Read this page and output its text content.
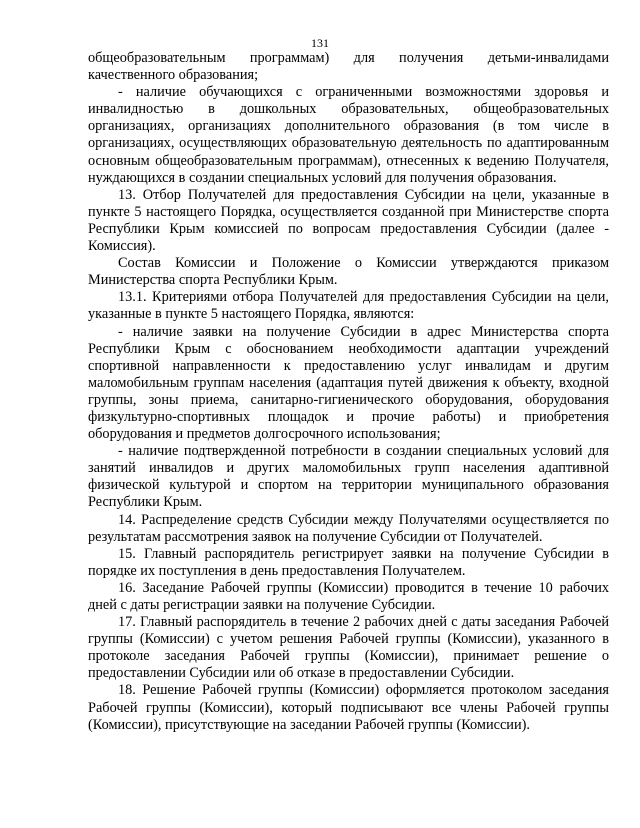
131

общеобразовательным программам) для получения детьми-инвалидами качественного образования;

- наличие обучающихся с ограниченными возможностями здоровья и инвалидностью в дошкольных образовательных, общеобразовательных организациях, организациях дополнительного образования (в том числе в организациях, осуществляющих образовательную деятельность по адаптированным основным общеобразовательным программам), отнесенных к ведению Получателя, нуждающихся в создании специальных условий для получения образования.

13. Отбор Получателей для предоставления Субсидии на цели, указанные в пункте 5 настоящего Порядка, осуществляется созданной при Министерстве спорта Республики Крым комиссией по вопросам предоставления Субсидии (далее - Комиссия).

Состав Комиссии и Положение о Комиссии утверждаются приказом Министерства спорта Республики Крым.

13.1. Критериями отбора Получателей для предоставления Субсидии на цели, указанные в пункте 5 настоящего Порядка, являются:

- наличие заявки на получение Субсидии в адрес Министерства спорта Республики Крым с обоснованием необходимости адаптации учреждений спортивной направленности к предоставлению услуг инвалидам и другим маломобильным группам населения (адаптация путей движения к объекту, входной группы, зоны приема, санитарно-гигиенического оборудования, оборудования физкультурно-спортивных площадок и прочие работы) и приобретения оборудования и предметов долгосрочного использования;

- наличие подтвержденной потребности в создании специальных условий для занятий инвалидов и других маломобильных групп населения адаптивной физической культурой и спортом на территории муниципального образования Республики Крым.

14. Распределение средств Субсидии между Получателями осуществляется по результатам рассмотрения заявок на получение Субсидии от Получателей.

15. Главный распорядитель регистрирует заявки на получение Субсидии в порядке их поступления в день предоставления Получателем.

16. Заседание Рабочей группы (Комиссии) проводится в течение 10 рабочих дней с даты регистрации заявки на получение Субсидии.

17. Главный распорядитель в течение 2 рабочих дней с даты заседания Рабочей группы (Комиссии) с учетом решения Рабочей группы (Комиссии), указанного в протоколе заседания Рабочей группы (Комиссии), принимает решение о предоставлении Субсидии или об отказе в предоставлении Субсидии.

18. Решение Рабочей группы (Комиссии) оформляется протоколом заседания Рабочей группы (Комиссии), который подписывают все члены Рабочей группы (Комиссии), присутствующие на заседании Рабочей группы (Комиссии).
